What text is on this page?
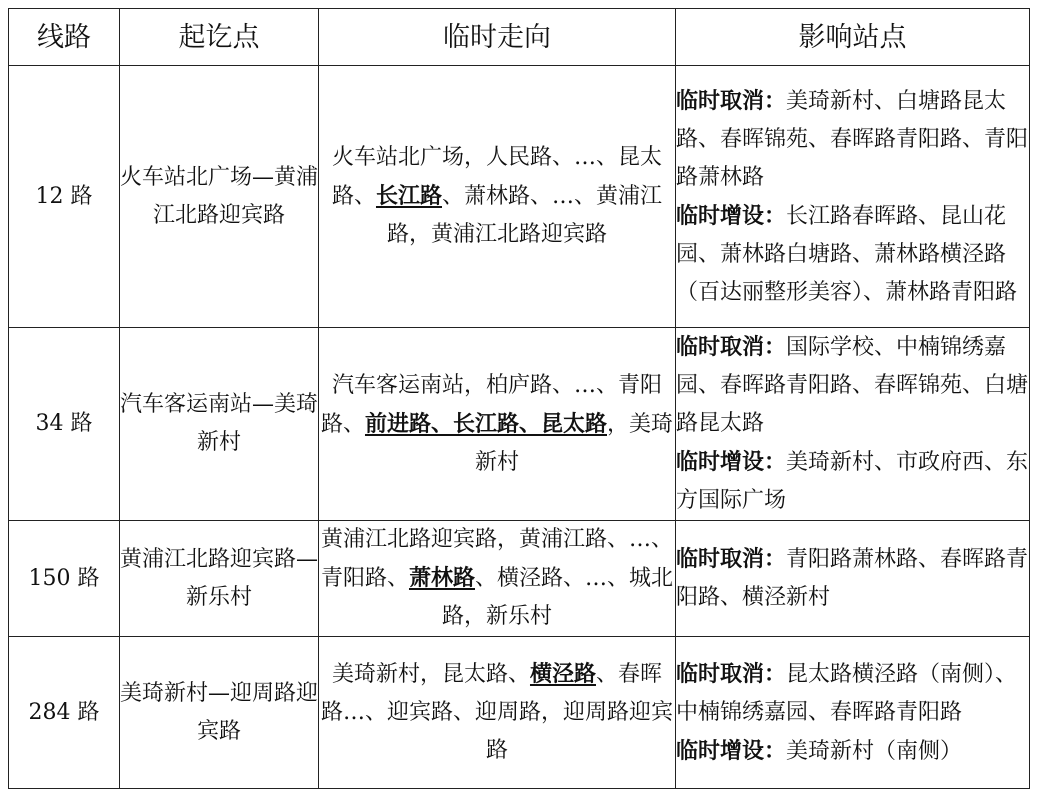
线路	起讫点	临时走向	影响站点
12 路	火车站北广场—黄浦江北路迎宾路	火车站北广场，人民路、…、昆太路、长江路、萧林路、…、黄浦江路，黄浦江北路迎宾路	临时取消：美琦新村、白塘路昆太路、春晖锦苑、春晖路青阳路、青阳路萧林路
临时增设：长江路春晖路、昆山花园、萧林路白塘路、萧林路横泾路（百达丽整形美容）、萧林路青阳路

34 路	汽车客运南站—美琦新村	汽车客运南站，柏庐路、…、青阳路、前进路、长江路、昆太路，美琦新村	临时取消：国际学校、中楠锦绣嘉园、春晖路青阳路、春晖锦苑、白塘路昆太路
临时增设：美琦新村、市政府西、东方国际广场

150 路	黄浦江北路迎宾路—新乐村	黄浦江北路迎宾路，黄浦江路、…、青阳路、萧林路、横泾路、…、城北路，新乐村	临时取消：青阳路萧林路、春晖路青阳路、横泾新村

284 路	美琦新村—迎周路迎宾路	美琦新村，昆太路、横泾路、春晖路…、迎宾路、迎周路，迎周路迎宾路	临时取消：昆太路横泾路（南侧）、中楠锦绣嘉园、春晖路青阳路
临时增设：美琦新村（南侧）
